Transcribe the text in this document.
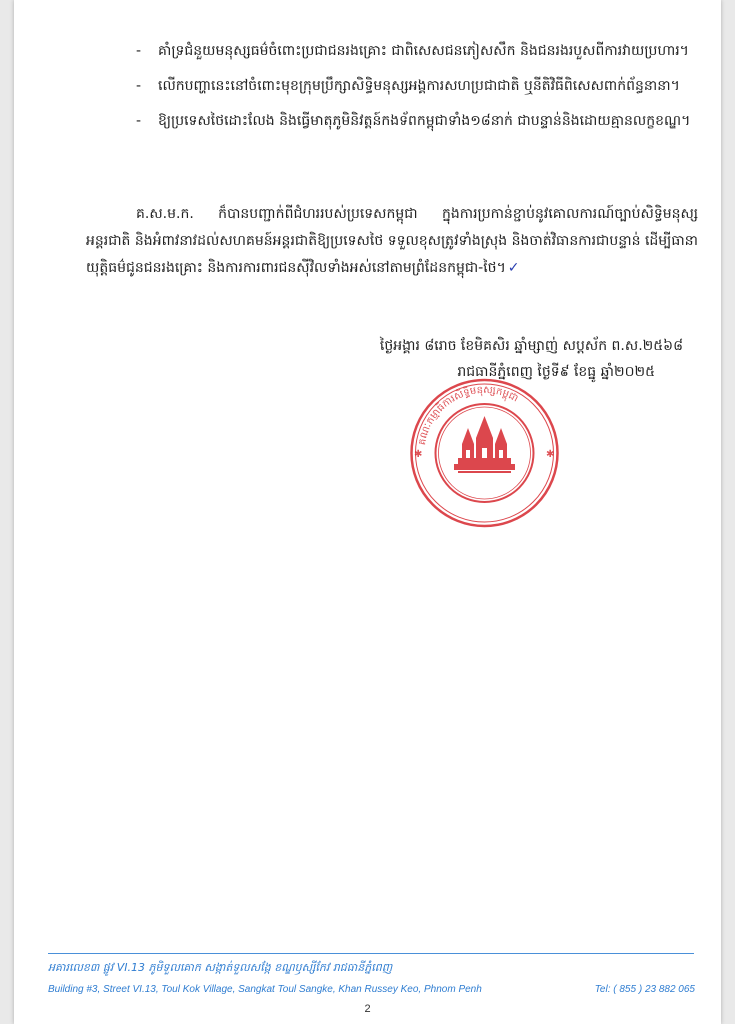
- គាំទ្រជំនួយមនុស្សធម៌ចំពោះប្រជាជនរងគ្រោះ ជាពិសេសជនភៀសសឹក និងជនរងរបួសពីការវាយប្រហារ។
- លើកបញ្ហានេះនៅចំពោះមុខក្រុមប្រឹក្សាសិទ្ធិមនុស្សអង្គការសហប្រជាជាតិ ឬនីតិវិធីពិសេសពាក់ព័ន្ធនានា។
- ឱ្យប្រទេសថៃដោះលែង និងធ្វើមាតុភូមិនិវត្តន៍កងទ័ពកម្ពុជាទាំង១៨នាក់ ជាបន្ទាន់និងដោយគ្មានលក្ខខណ្ឌ។

គ.ស.ម.ក. ក៏បានបញ្ជាក់ពីជំហររបស់ប្រទេសកម្ពុជា ក្នុងការប្រកាន់ខ្ជាប់នូវគោលការណ៍ច្បាប់សិទ្ធិមនុស្សអន្តរជាតិ និងអំពាវនាវដល់សហគមន៍អន្តរជាតិឱ្យប្រទេសថៃ ទទួលខុសត្រូវទាំងស្រុង និងចាត់វិធានការជាបន្ទាន់ ដើម្បីធានាយុត្តិធម៌ជូនជនរងគ្រោះ និងការការពារជនស៊ីវិលទាំងអស់នៅតាមព្រំដែនកម្ពុជា-ថៃ។ ✓

ថ្ងៃអង្គារ ៨រោច ខែមិគសិរ ឆ្នាំម្សាញ់ សប្តស័ក ព.ស.២៥៦៨
រាជធានីភ្នំពេញ ថ្ងៃទី៩ ខែធ្នូ ឆ្នាំ២០២៥
គណៈកម្មាធិការសិទ្ធិមនុស្សកម្ពុជា
✱	✱
អគារលេខ៣ ផ្លូវ VI.13 ភូមិទួលគោក សង្កាត់ទួលសង្កែ ខណ្ឌឫស្សីកែវ រាជធានីភ្នំពេញ
Building #3, Street VI.13, Toul Kok Village, Sangkat Toul Sangke, Khan Russey Keo, Phnom Penh	Tel: ( 855 ) 23 882 065
2
